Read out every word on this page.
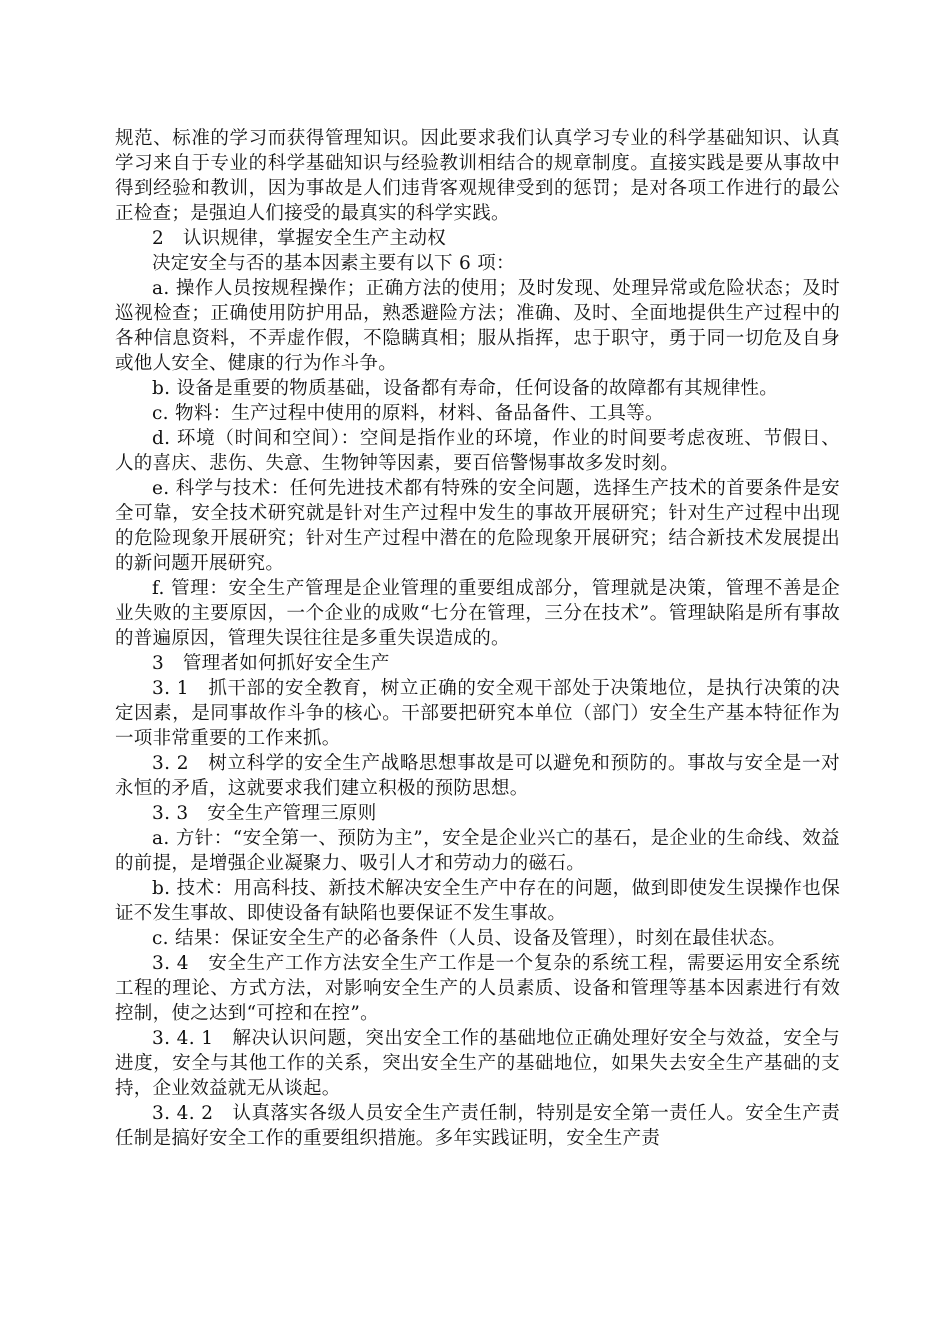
规范、标准的学习而获得管理知识。因此要求我们认真学习专业的科学基础知识、认真学习来自于专业的科学基础知识与经验教训相结合的规章制度。直接实践是要从事故中得到经验和教训，因为事故是人们违背客观规律受到的惩罚；是对各项工作进行的最公正检查；是强迫人们接受的最真实的科学实践。

2　认识规律，掌握安全生产主动权

决定安全与否的基本因素主要有以下 6 项：

a. 操作人员按规程操作；正确方法的使用；及时发现、处理异常或危险状态；及时巡视检查；正确使用防护用品，熟悉避险方法；准确、及时、全面地提供生产过程中的各种信息资料，不弄虚作假，不隐瞒真相；服从指挥，忠于职守，勇于同一切危及自身或他人安全、健康的行为作斗争。

b. 设备是重要的物质基础，设备都有寿命，任何设备的故障都有其规律性。

c. 物料：生产过程中使用的原料，材料、备品备件、工具等。

d. 环境（时间和空间）：空间是指作业的环境，作业的时间要考虑夜班、节假日、人的喜庆、悲伤、失意、生物钟等因素，要百倍警惕事故多发时刻。

e. 科学与技术：任何先进技术都有特殊的安全问题，选择生产技术的首要条件是安全可靠，安全技术研究就是针对生产过程中发生的事故开展研究；针对生产过程中出现的危险现象开展研究；针对生产过程中潜在的危险现象开展研究；结合新技术发展提出的新问题开展研究。

f. 管理：安全生产管理是企业管理的重要组成部分，管理就是决策，管理不善是企业失败的主要原因，一个企业的成败“七分在管理，三分在技术”。管理缺陷是所有事故的普遍原因，管理失误往往是多重失误造成的。

3　管理者如何抓好安全生产

3. 1　抓干部的安全教育，树立正确的安全观干部处于决策地位，是执行决策的决定因素，是同事故作斗争的核心。干部要把研究本单位（部门）安全生产基本特征作为一项非常重要的工作来抓。

3. 2　树立科学的安全生产战略思想事故是可以避免和预防的。事故与安全是一对永恒的矛盾，这就要求我们建立积极的预防思想。

3. 3　安全生产管理三原则

a. 方针：“安全第一、预防为主”，安全是企业兴亡的基石，是企业的生命线、效益的前提，是增强企业凝聚力、吸引人才和劳动力的磁石。

b. 技术：用高科技、新技术解决安全生产中存在的问题，做到即使发生误操作也保证不发生事故、即使设备有缺陷也要保证不发生事故。

c. 结果：保证安全生产的必备条件（人员、设备及管理），时刻在最佳状态。

3. 4　安全生产工作方法安全生产工作是一个复杂的系统工程，需要运用安全系统工程的理论、方式方法，对影响安全生产的人员素质、设备和管理等基本因素进行有效控制，使之达到“可控和在控”。

3. 4. 1　解决认识问题，突出安全工作的基础地位正确处理好安全与效益，安全与进度，安全与其他工作的关系，突出安全生产的基础地位，如果失去安全生产基础的支持，企业效益就无从谈起。

3. 4. 2　认真落实各级人员安全生产责任制，特别是安全第一责任人。安全生产责任制是搞好安全工作的重要组织措施。多年实践证明，安全生产责
